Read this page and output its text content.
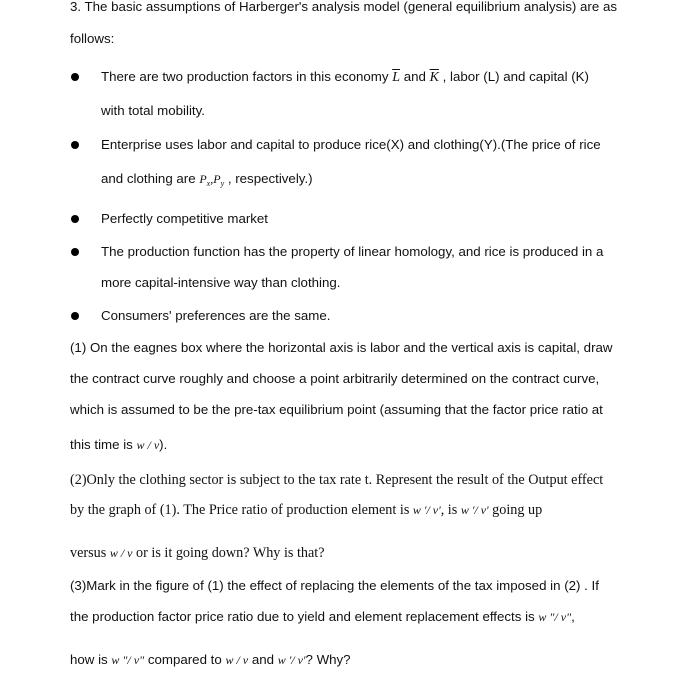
3. The basic assumptions of Harberger's analysis model (general equilibrium analysis) are as
follows:
There are two production factors in this economy $\overline{L}$ and $\overline{K}$ , labor (L) and capital (K)
with total mobility.
Enterprise uses labor and capital to produce rice(X) and clothing(Y).(The price of rice
and clothing are $P_x,P_y$ , respectively.)
Perfectly competitive market
The production function has the property of linear homology, and rice is produced in a
more capital-intensive way than clothing.
Consumers' preferences are the same.
(1) On the eagnes box where the horizontal axis is labor and the vertical axis is capital, draw
the contract curve roughly and choose a point arbitrarily determined on the contract curve,
which is assumed to be the pre-tax equilibrium point (assuming that the factor price ratio at
this time is w / v).
(2)Only the clothing sector is subject to the tax rate t. Represent the result of the Output effect
by the graph of (1). The Price ratio of production element is w '/ v', is w '/ v' going up
versus w / v or is it going down? Why is that?
(3)Mark in the figure of (1) the effect of replacing the elements of the tax imposed in (2) . If
the production factor price ratio due to yield and element replacement effects is w "/ v",
how is w "/ v" compared to w / v and w '/ v'? Why?
